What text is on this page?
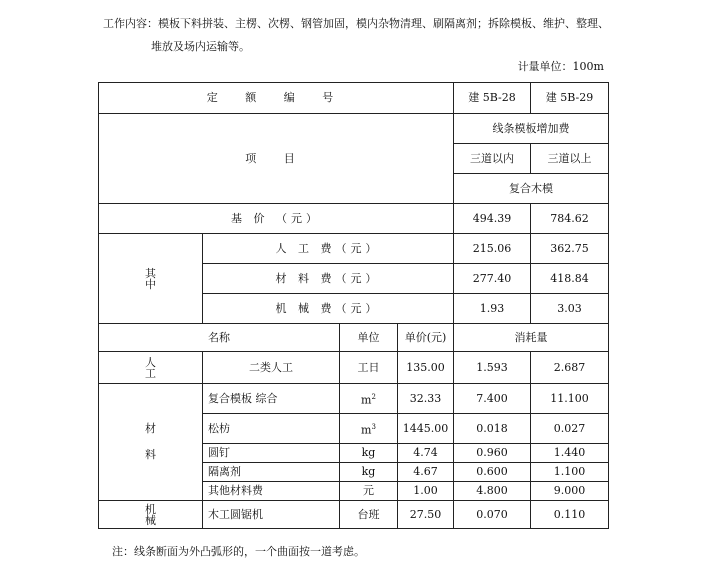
工作内容：模板下料拼装、主楞、次楞、钢管加固，模内杂物清理、刷隔离剂；拆除模板、维护、整理、
堆放及场内运输等。
计量单位：100m
定 额 编 号				建 5B-28	建 5B-29
项 目				线条模板增加费	
				三道以内	三道以上
				复合木模	
基 价 （元）				494.39	784.62

其中	人 工 费（元）			215.06	362.75
	材 料 费（元）			277.40	418.84
	机 械 费（元）			1.93	3.03
名称		单位	单价(元)	消耗量	

人工	二类人工	工日	135.00	1.593	2.687

材料	复合模板 综合	$m^2$	32.33	7.400	11.100
	松枋	$m^3$	1445.00	0.018	0.027
	圆钉	kg	4.74	0.960	1.440
	隔离剂	kg	4.67	0.600	1.100
	其他材料费	元	1.00	4.800	9.000

机械	木工圆锯机	台班	27.50	0.070	0.110
注：线条断面为外凸弧形的，一个曲面按一道考虑。
